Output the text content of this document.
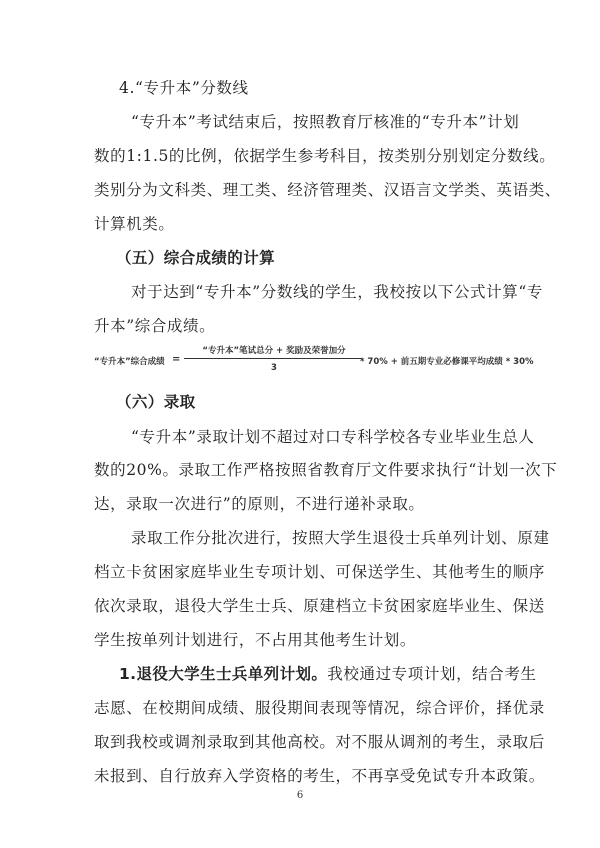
4.“专升本”分数线
“专升本”考试结束后，按照教育厅核准的“专升本”计划
数的1:1.5的比例，依据学生参考科目，按类别分别划定分数线。
类别分为文科类、理工类、经济管理类、汉语言文学类、英语类、
计算机类。
（五）综合成绩的计算
对于达到“专升本”分数线的学生，我校按以下公式计算“专
升本”综合成绩。
“专升本”综合成绩 =
“专升本”笔试总分 + 奖励及荣誉加分
3
* 70% + 前五期专业必修课平均成绩 * 30%
（六）录取
“专升本”录取计划不超过对口专科学校各专业毕业生总人
数的20%。录取工作严格按照省教育厅文件要求执行“计划一次下
达，录取一次进行”的原则，不进行递补录取。
录取工作分批次进行，按照大学生退役士兵单列计划、原建
档立卡贫困家庭毕业生专项计划、可保送学生、其他考生的顺序
依次录取，退役大学生士兵、原建档立卡贫困家庭毕业生、保送
学生按单列计划进行，不占用其他考生计划。
1.退役大学生士兵单列计划。我校通过专项计划，结合考生
志愿、在校期间成绩、服役期间表现等情况，综合评价，择优录
取到我校或调剂录取到其他高校。对不服从调剂的考生，录取后
未报到、自行放弃入学资格的考生，不再享受免试专升本政策。
6
